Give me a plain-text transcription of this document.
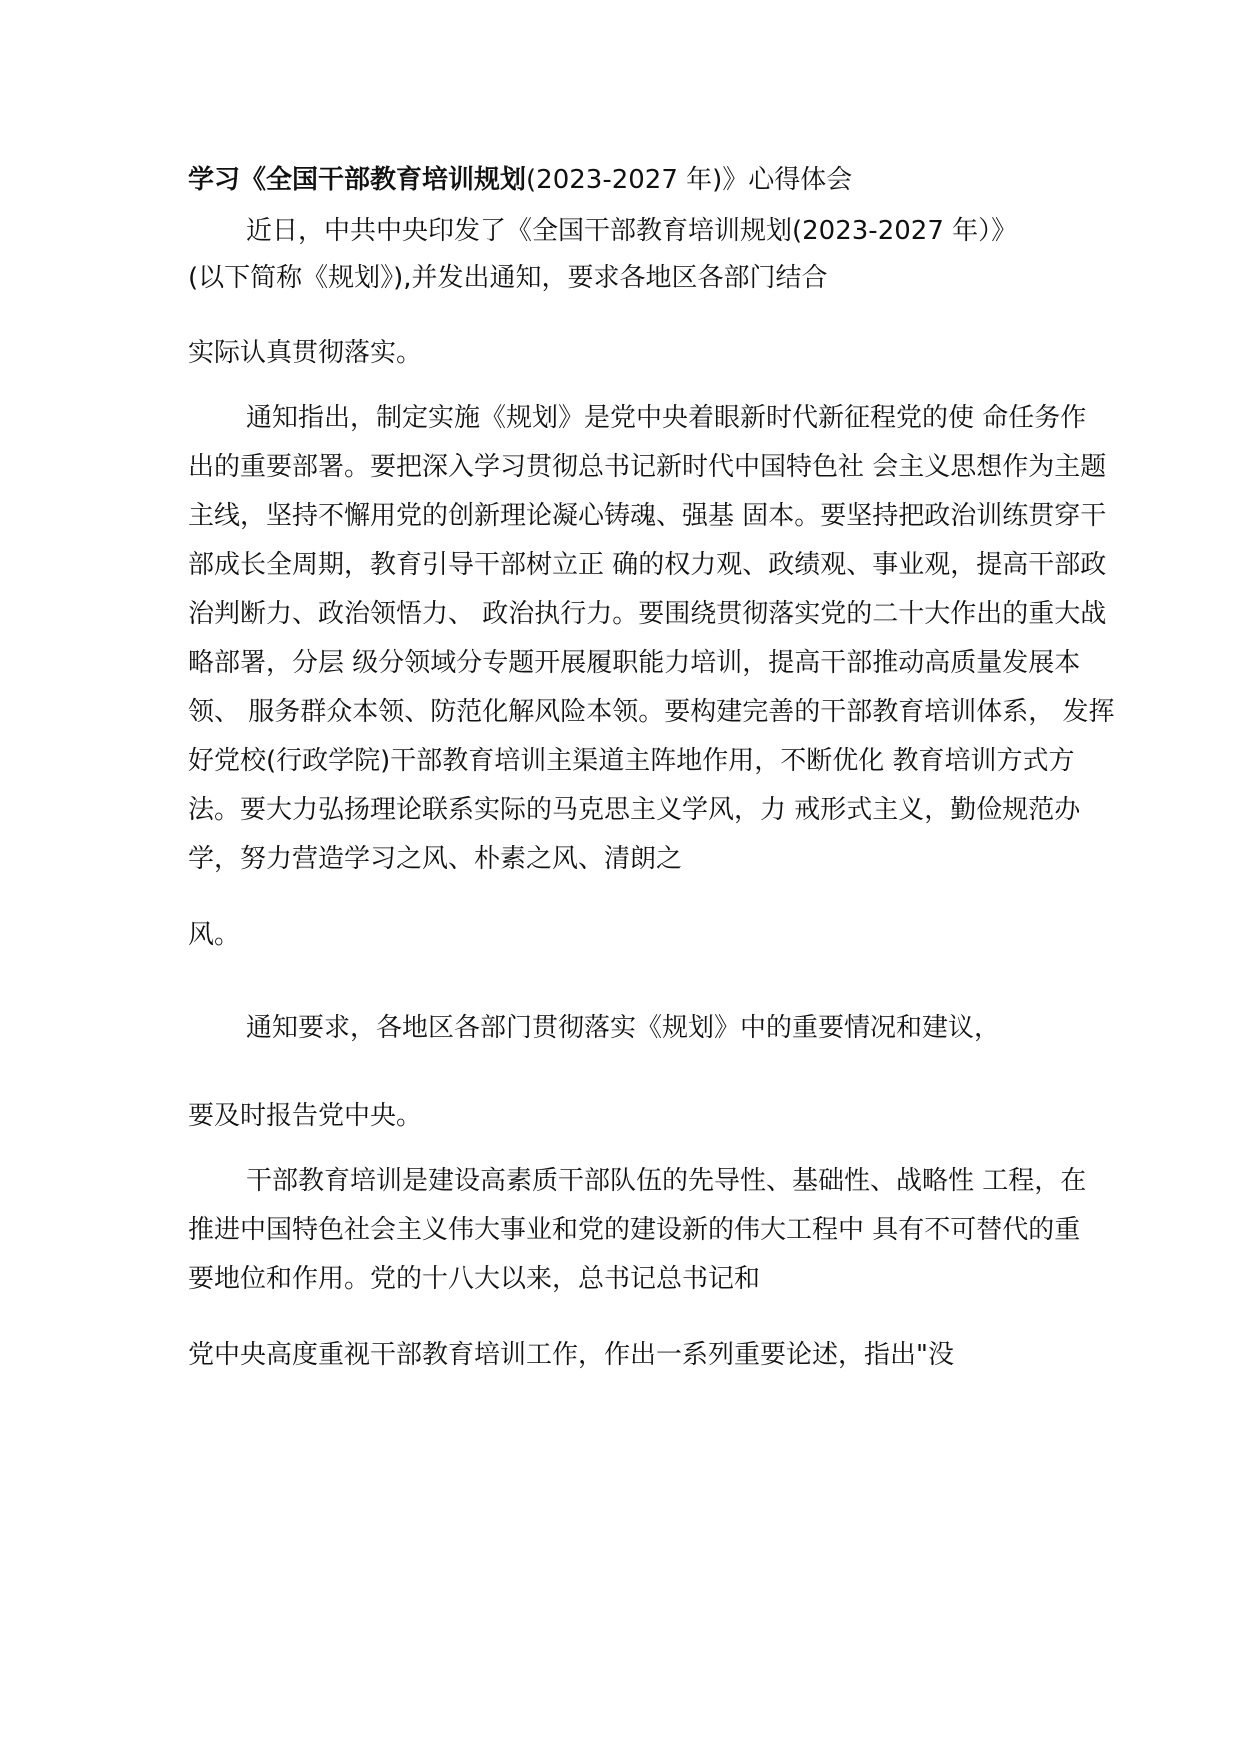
学习《全国干部教育培训规划(2023-2027 年)》心得体会

近日，中共中央印发了《全国干部教育培训规划(2023-2027 年）》

(以下简称《规划》),并发出通知，要求各地区各部门结合

实际认真贯彻落实。

通知指出，制定实施《规划》是党中央着眼新时代新征程党的使 命任务作

出的重要部署。要把深入学习贯彻总书记新时代中国特色社 会主义思想作为主题

主线，坚持不懈用党的创新理论凝心铸魂、强基 固本。要坚持把政治训练贯穿干

部成长全周期，教育引导干部树立正 确的权力观、政绩观、事业观，提高干部政

治判断力、政治领悟力、 政治执行力。要围绕贯彻落实党的二十大作出的重大战

略部署，分层 级分领域分专题开展履职能力培训，提高干部推动高质量发展本

领、 服务群众本领、防范化解风险本领。要构建完善的干部教育培训体系， 发挥

好党校(行政学院)干部教育培训主渠道主阵地作用，不断优化 教育培训方式方

法。要大力弘扬理论联系实际的马克思主义学风，力 戒形式主义，勤俭规范办

学，努力营造学习之风、朴素之风、清朗之

风。

通知要求，各地区各部门贯彻落实《规划》中的重要情况和建议，

要及时报告党中央。

干部教育培训是建设高素质干部队伍的先导性、基础性、战略性 工程，在

推进中国特色社会主义伟大事业和党的建设新的伟大工程中 具有不可替代的重

要地位和作用。党的十八大以来，总书记总书记和

党中央高度重视干部教育培训工作，作出一系列重要论述，指出"没
